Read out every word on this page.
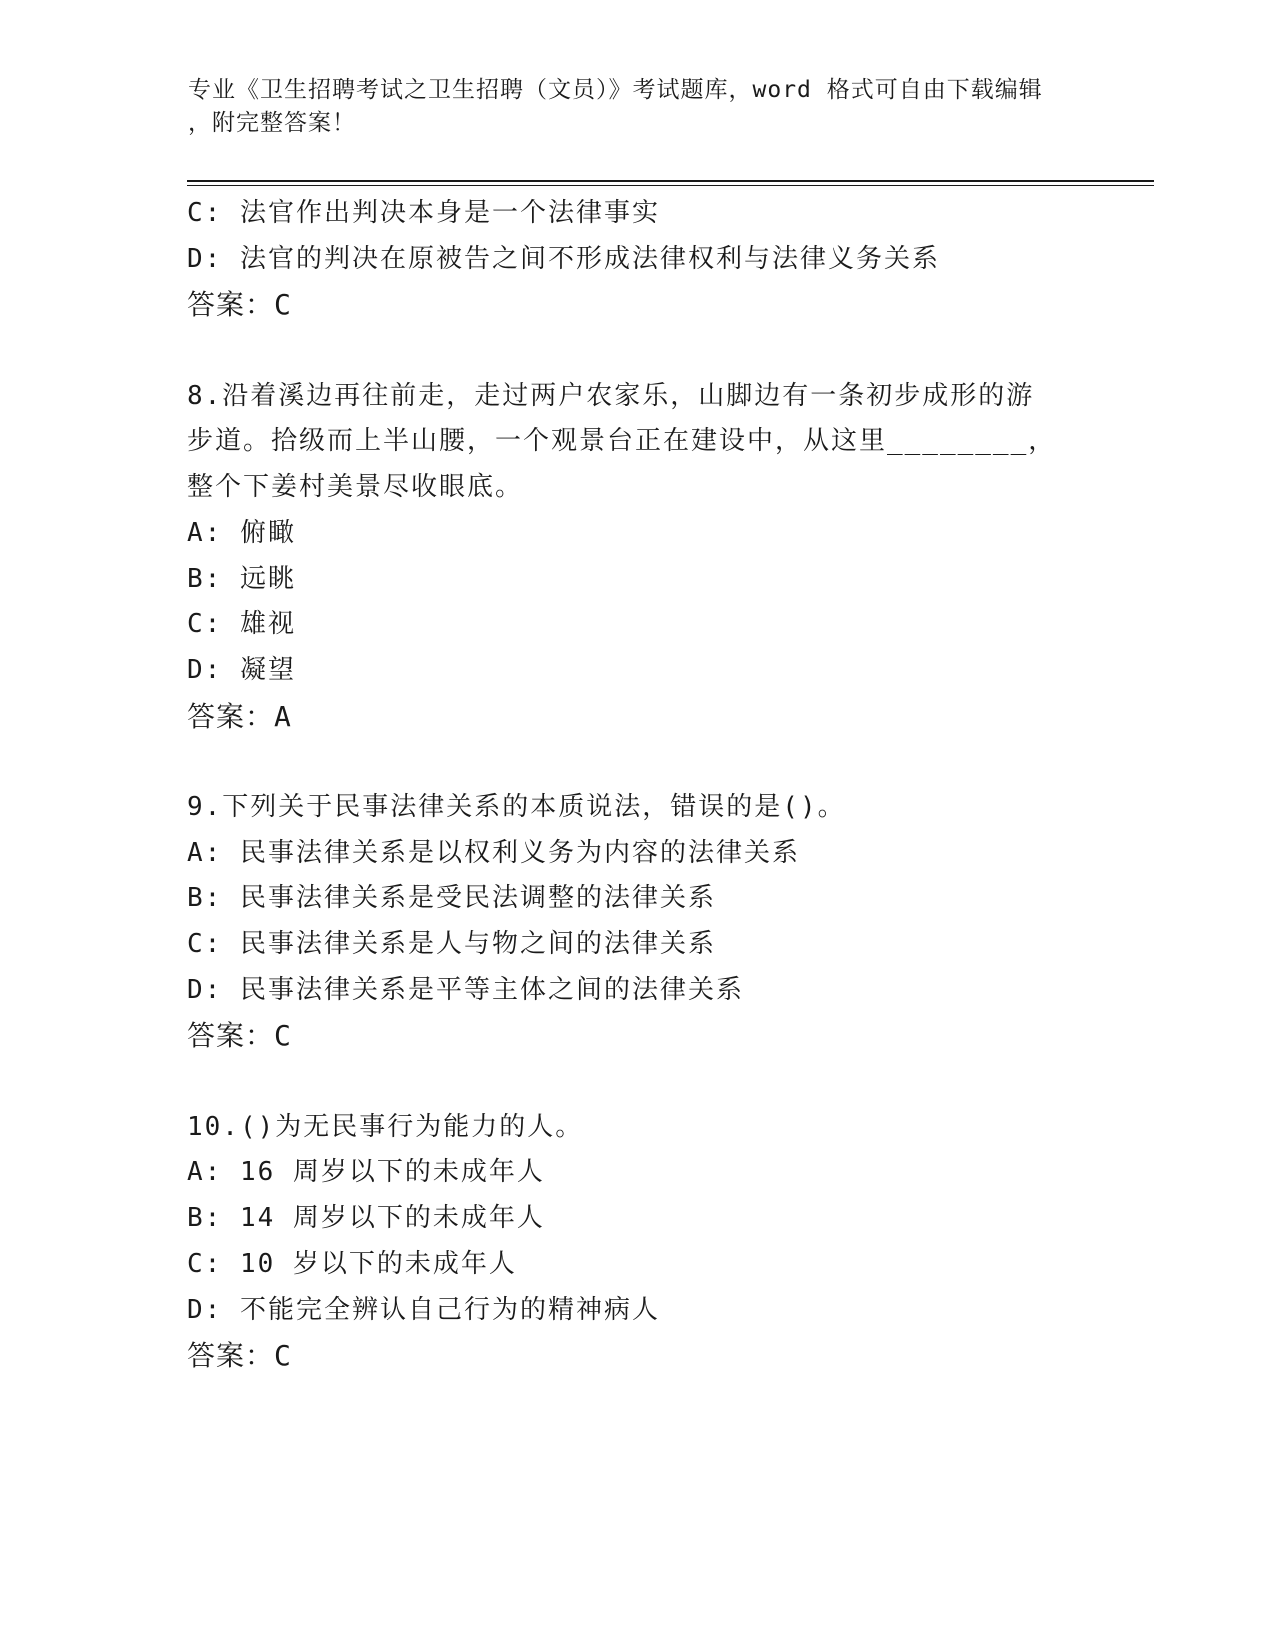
专业《卫生招聘考试之卫生招聘（文员）》考试题库，word 格式可自由下载编辑
，附完整答案！
C: 法官作出判决本身是一个法律事实
D: 法官的判决在原被告之间不形成法律权利与法律义务关系
答案：C
8.沿着溪边再往前走，走过两户农家乐，山脚边有一条初步成形的游
步道。拾级而上半山腰，一个观景台正在建设中，从这里________，
整个下姜村美景尽收眼底。
A: 俯瞰
B: 远眺
C: 雄视
D: 凝望
答案：A
9.下列关于民事法律关系的本质说法，错误的是()。
A: 民事法律关系是以权利义务为内容的法律关系
B: 民事法律关系是受民法调整的法律关系
C: 民事法律关系是人与物之间的法律关系
D: 民事法律关系是平等主体之间的法律关系
答案：C
10.()为无民事行为能力的人。
A: 16 周岁以下的未成年人
B: 14 周岁以下的未成年人
C: 10 岁以下的未成年人
D: 不能完全辨认自己行为的精神病人
答案：C
